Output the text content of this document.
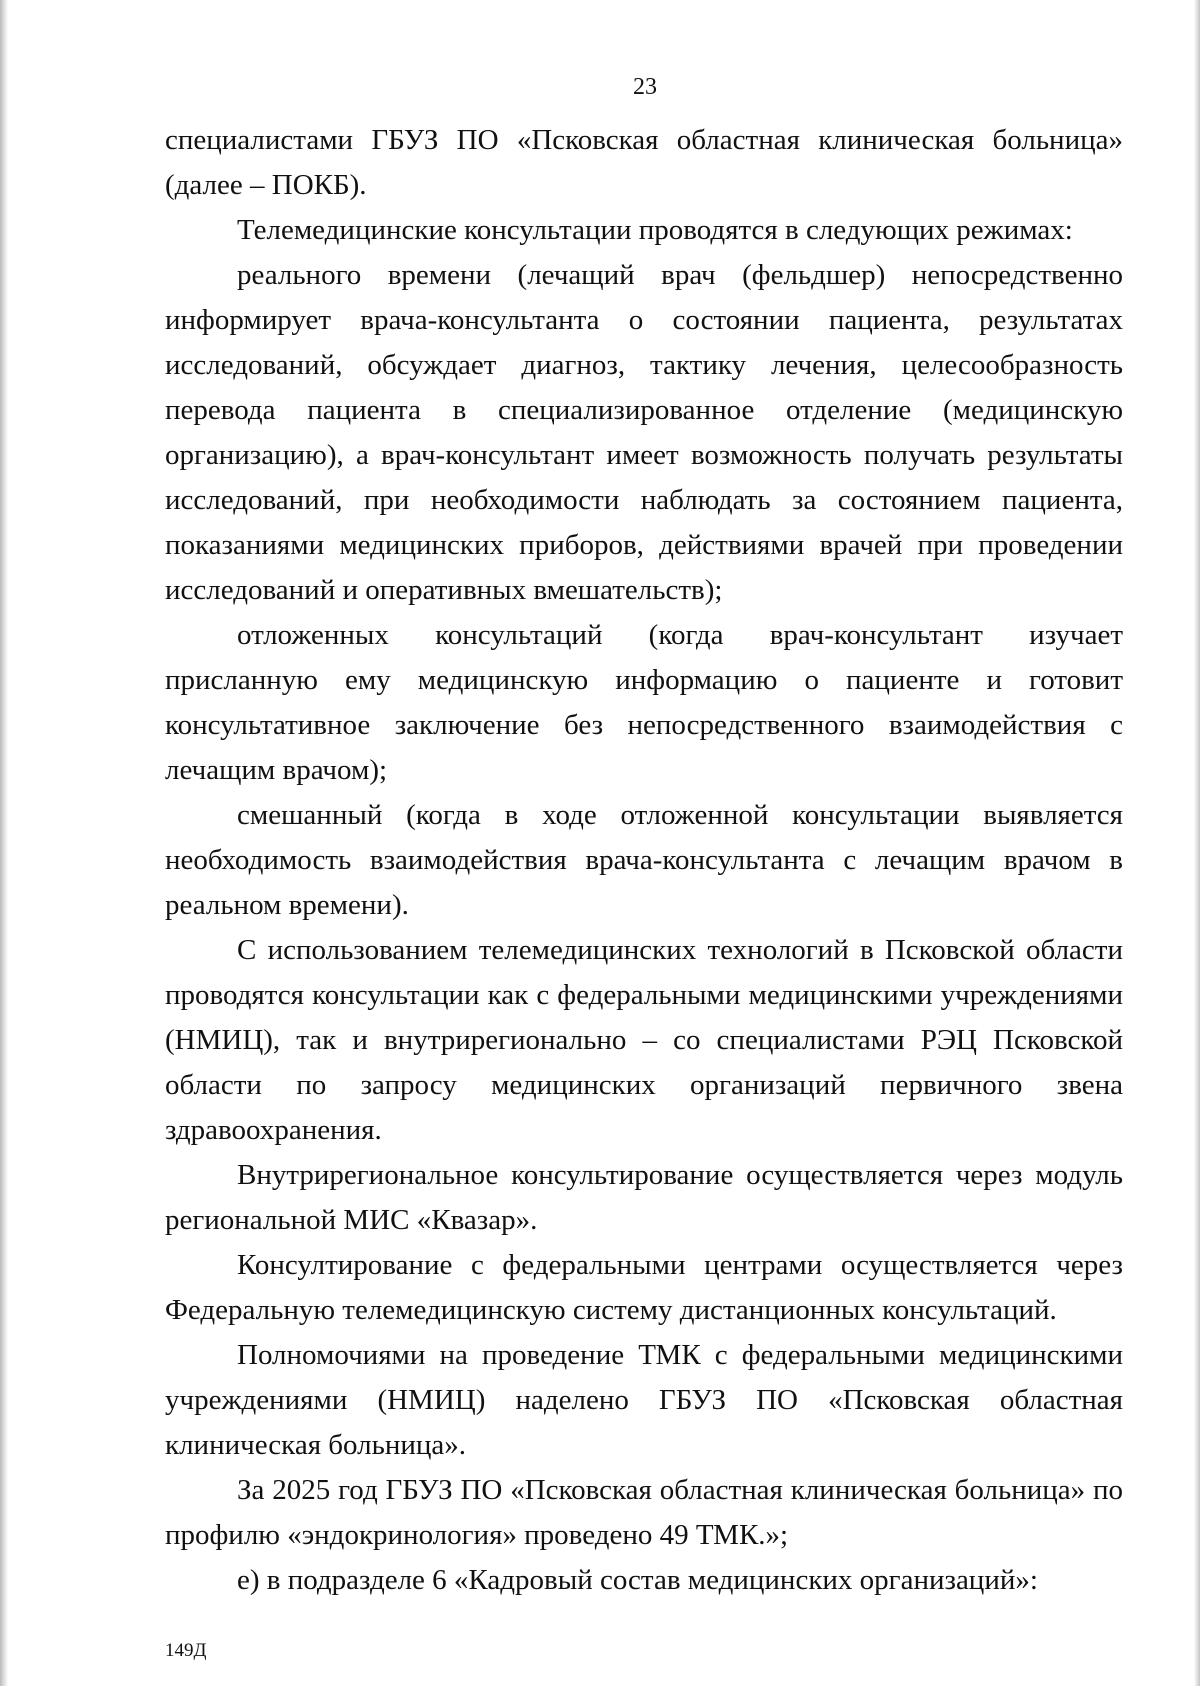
23

специалистами ГБУЗ ПО «Псковская областная клиническая больница» (далее – ПОКБ).

Телемедицинские консультации проводятся в следующих режимах:

реального времени (лечащий врач (фельдшер) непосредственно информирует врача-консультанта о состоянии пациента, результатах исследований, обсуждает диагноз, тактику лечения, целесообразность перевода пациента в специализированное отделение (медицинскую организацию), а врач-консультант имеет возможность получать результаты исследований, при необходимости наблюдать за состоянием пациента, показаниями медицинских приборов, действиями врачей при проведении исследований и оперативных вмешательств);

отложенных консультаций (когда врач-консультант изучает присланную ему медицинскую информацию о пациенте и готовит консультативное заключение без непосредственного взаимодействия с лечащим врачом);

смешанный (когда в ходе отложенной консультации выявляется необходимость взаимодействия врача-консультанта с лечащим врачом в реальном времени).

С использованием телемедицинских технологий в Псковской области проводятся консультации как с федеральными медицинскими учреждениями (НМИЦ), так и внутрирегионально – со специалистами РЭЦ Псковской области по запросу медицинских организаций первичного звена здравоохранения.

Внутрирегиональное консультирование осуществляется через модуль региональной МИС «Квазар».

Консултирование с федеральными центрами осуществляется через Федеральную телемедицинскую систему дистанционных консультаций.

Полномочиями на проведение ТМК с федеральными медицинскими учреждениями (НМИЦ) наделено ГБУЗ ПО «Псковская областная клиническая больница».

За 2025 год ГБУЗ ПО «Псковская областная клиническая больница» по профилю «эндокринология» проведено 49 ТМК.»;

е) в подразделе 6 «Кадровый состав медицинских организаций»:

149Д
